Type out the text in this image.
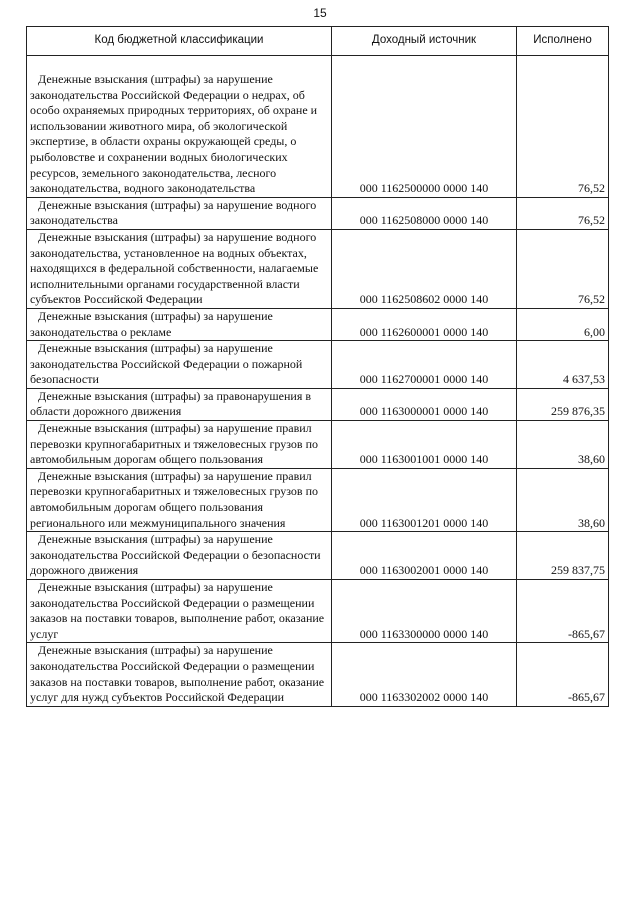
15
Код бюджетной классификации	Доходный источник	Исполнено
Денежные взыскания (штрафы) за нарушение законодательства Российской Федерации о недрах, об особо охраняемых природных территориях, об охране и использовании животного мира, об экологической экспертизе, в области охраны окружающей среды, о рыболовстве и сохранении водных биологических ресурсов, земельного законодательства, лесного законодательства, водного законодательства	000 1162500000 0000 140	76,52
Денежные взыскания (штрафы) за нарушение водного законодательства	000 1162508000 0000 140	76,52
Денежные взыскания (штрафы) за нарушение водного законодательства, установленное на водных объектах, находящихся в федеральной собственности, налагаемые исполнительными органами государственной власти субъектов Российской Федерации	000 1162508602 0000 140	76,52
Денежные взыскания (штрафы) за нарушение законодательства о рекламе	000 1162600001 0000 140	6,00
Денежные взыскания (штрафы) за нарушение законодательства Российской Федерации о пожарной безопасности	000 1162700001 0000 140	4 637,53
Денежные взыскания (штрафы) за правонарушения в области дорожного движения	000 1163000001 0000 140	259 876,35
Денежные взыскания (штрафы) за нарушение правил перевозки крупногабаритных и тяжеловесных грузов по автомобильным дорогам общего пользования	000 1163001001 0000 140	38,60
Денежные взыскания (штрафы) за нарушение правил перевозки крупногабаритных и тяжеловесных грузов по автомобильным дорогам общего пользования регионального или межмуниципального значения	000 1163001201 0000 140	38,60
Денежные взыскания (штрафы) за нарушение законодательства Российской Федерации о безопасности дорожного движения	000 1163002001 0000 140	259 837,75
Денежные взыскания (штрафы) за нарушение законодательства Российской Федерации о размещении заказов на поставки товаров, выполнение работ, оказание услуг	000 1163300000 0000 140	-865,67
Денежные взыскания (штрафы) за нарушение законодательства Российской Федерации о размещении заказов на поставки товаров, выполнение работ, оказание услуг для нужд субъектов Российской Федерации	000 1163302002 0000 140	-865,67
